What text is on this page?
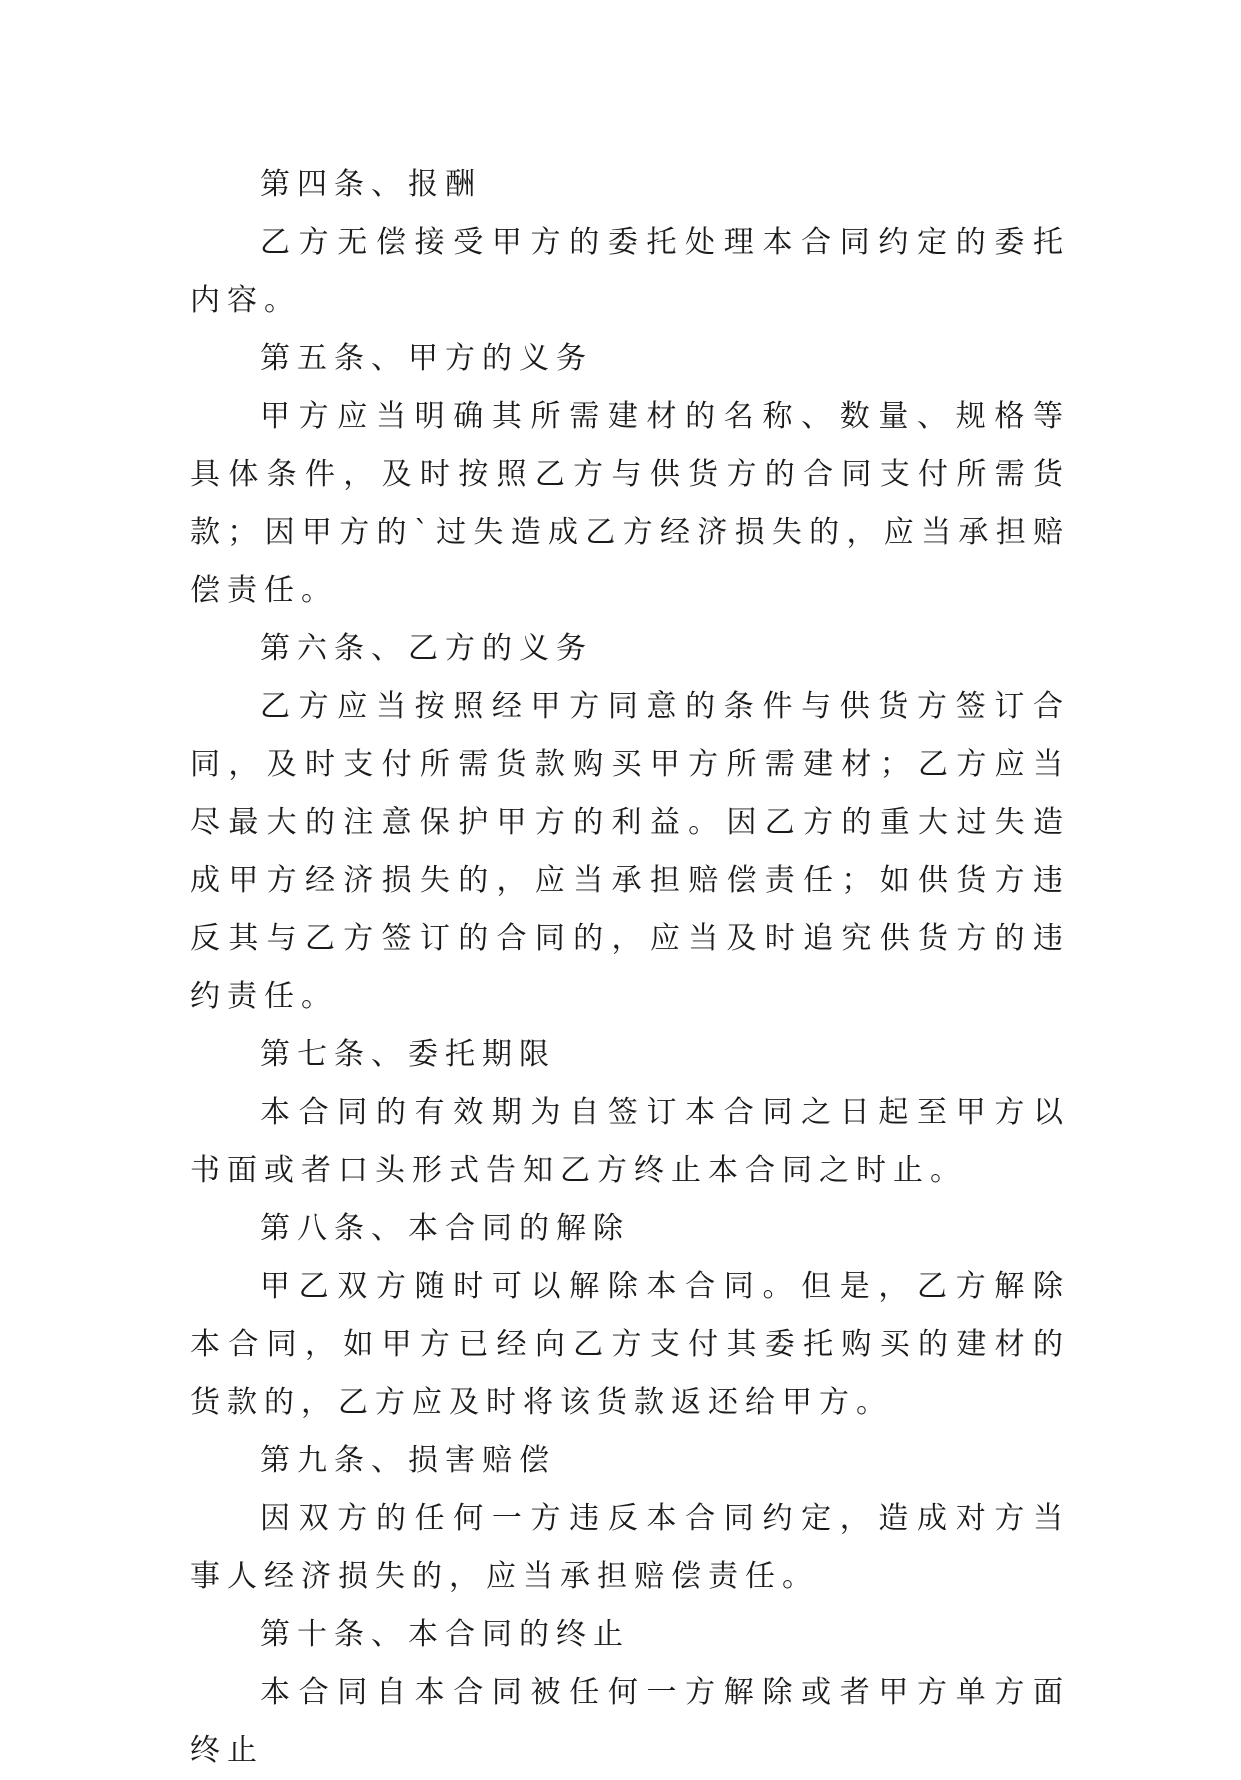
第四条、报酬

乙方无偿接受甲方的委托处理本合同约定的委托内容。

第五条、甲方的义务

甲方应当明确其所需建材的名称、数量、规格等具体条件，及时按照乙方与供货方的合同支付所需货款；因甲方的`过失造成乙方经济损失的，应当承担赔偿责任。

第六条、乙方的义务

乙方应当按照经甲方同意的条件与供货方签订合同，及时支付所需货款购买甲方所需建材；乙方应当尽最大的注意保护甲方的利益。因乙方的重大过失造成甲方经济损失的，应当承担赔偿责任；如供货方违反其与乙方签订的合同的，应当及时追究供货方的违约责任。

第七条、委托期限

本合同的有效期为自签订本合同之日起至甲方以书面或者口头形式告知乙方终止本合同之时止。

第八条、本合同的解除

甲乙双方随时可以解除本合同。但是，乙方解除本合同，如甲方已经向乙方支付其委托购买的建材的货款的，乙方应及时将该货款返还给甲方。

第九条、损害赔偿

因双方的任何一方违反本合同约定，造成对方当事人经济损失的，应当承担赔偿责任。

第十条、本合同的终止

本合同自本合同被任何一方解除或者甲方单方面终止
